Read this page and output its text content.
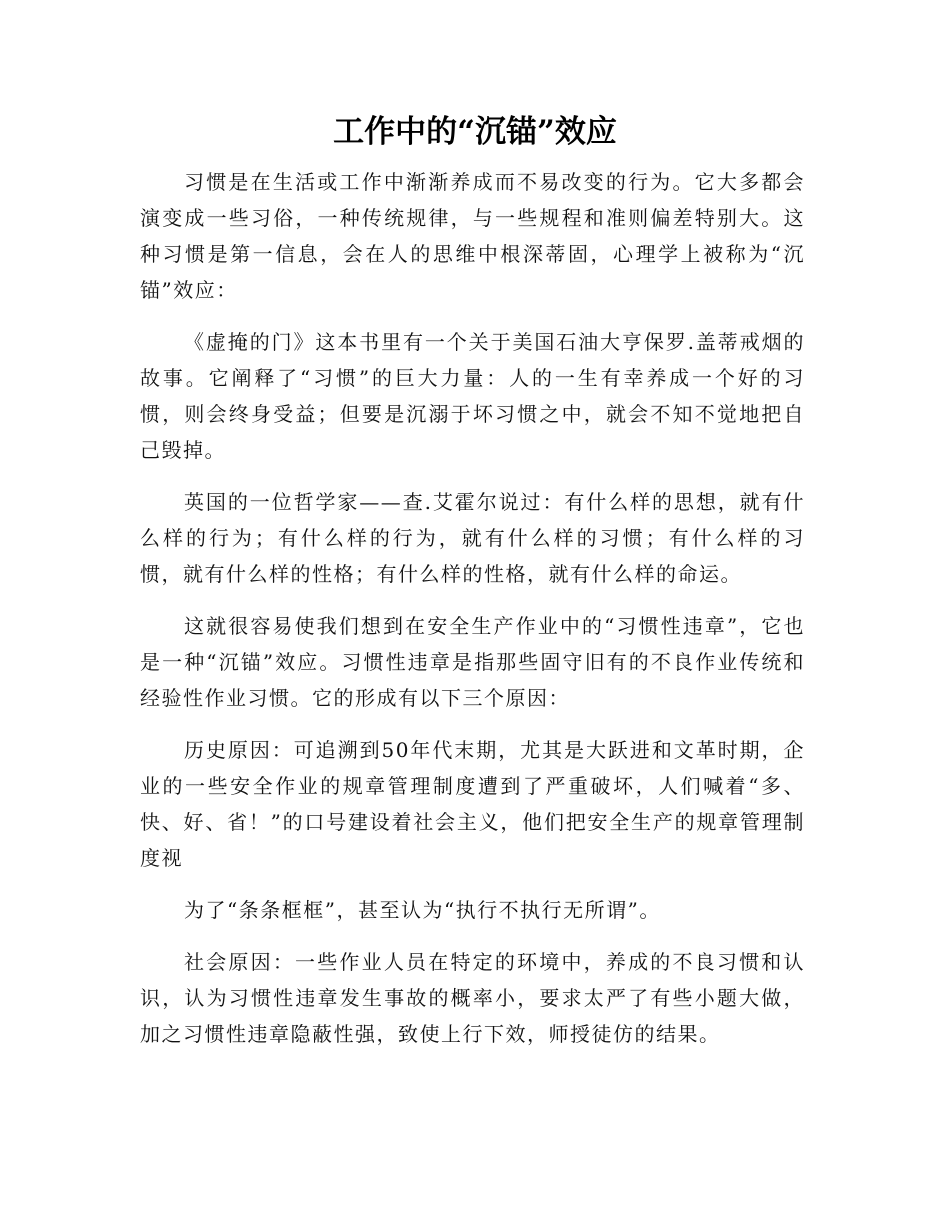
工作中的“沉锚”效应

习惯是在生活或工作中渐渐养成而不易改变的行为。它大多都会演变成一些习俗，一种传统规律，与一些规程和准则偏差特别大。这种习惯是第一信息，会在人的思维中根深蒂固，心理学上被称为“沉锚”效应：

《虚掩的门》这本书里有一个关于美国石油大亨保罗.盖蒂戒烟的故事。它阐释了“习惯”的巨大力量：人的一生有幸养成一个好的习惯，则会终身受益；但要是沉溺于坏习惯之中，就会不知不觉地把自己毁掉。

英国的一位哲学家——查.艾霍尔说过：有什么样的思想，就有什么样的行为；有什么样的行为，就有什么样的习惯；有什么样的习惯，就有什么样的性格；有什么样的性格，就有什么样的命运。

这就很容易使我们想到在安全生产作业中的“习惯性违章”，它也是一种“沉锚”效应。习惯性违章是指那些固守旧有的不良作业传统和经验性作业习惯。它的形成有以下三个原因：

历史原因：可追溯到50年代末期，尤其是大跃进和文革时期，企业的一些安全作业的规章管理制度遭到了严重破坏，人们喊着“多、快、好、省！”的口号建设着社会主义，他们把安全生产的规章管理制度视

为了“条条框框”，甚至认为“执行不执行无所谓”。

社会原因：一些作业人员在特定的环境中，养成的不良习惯和认识，认为习惯性违章发生事故的概率小，要求太严了有些小题大做，加之习惯性违章隐蔽性强，致使上行下效，师授徒仿的结果。
